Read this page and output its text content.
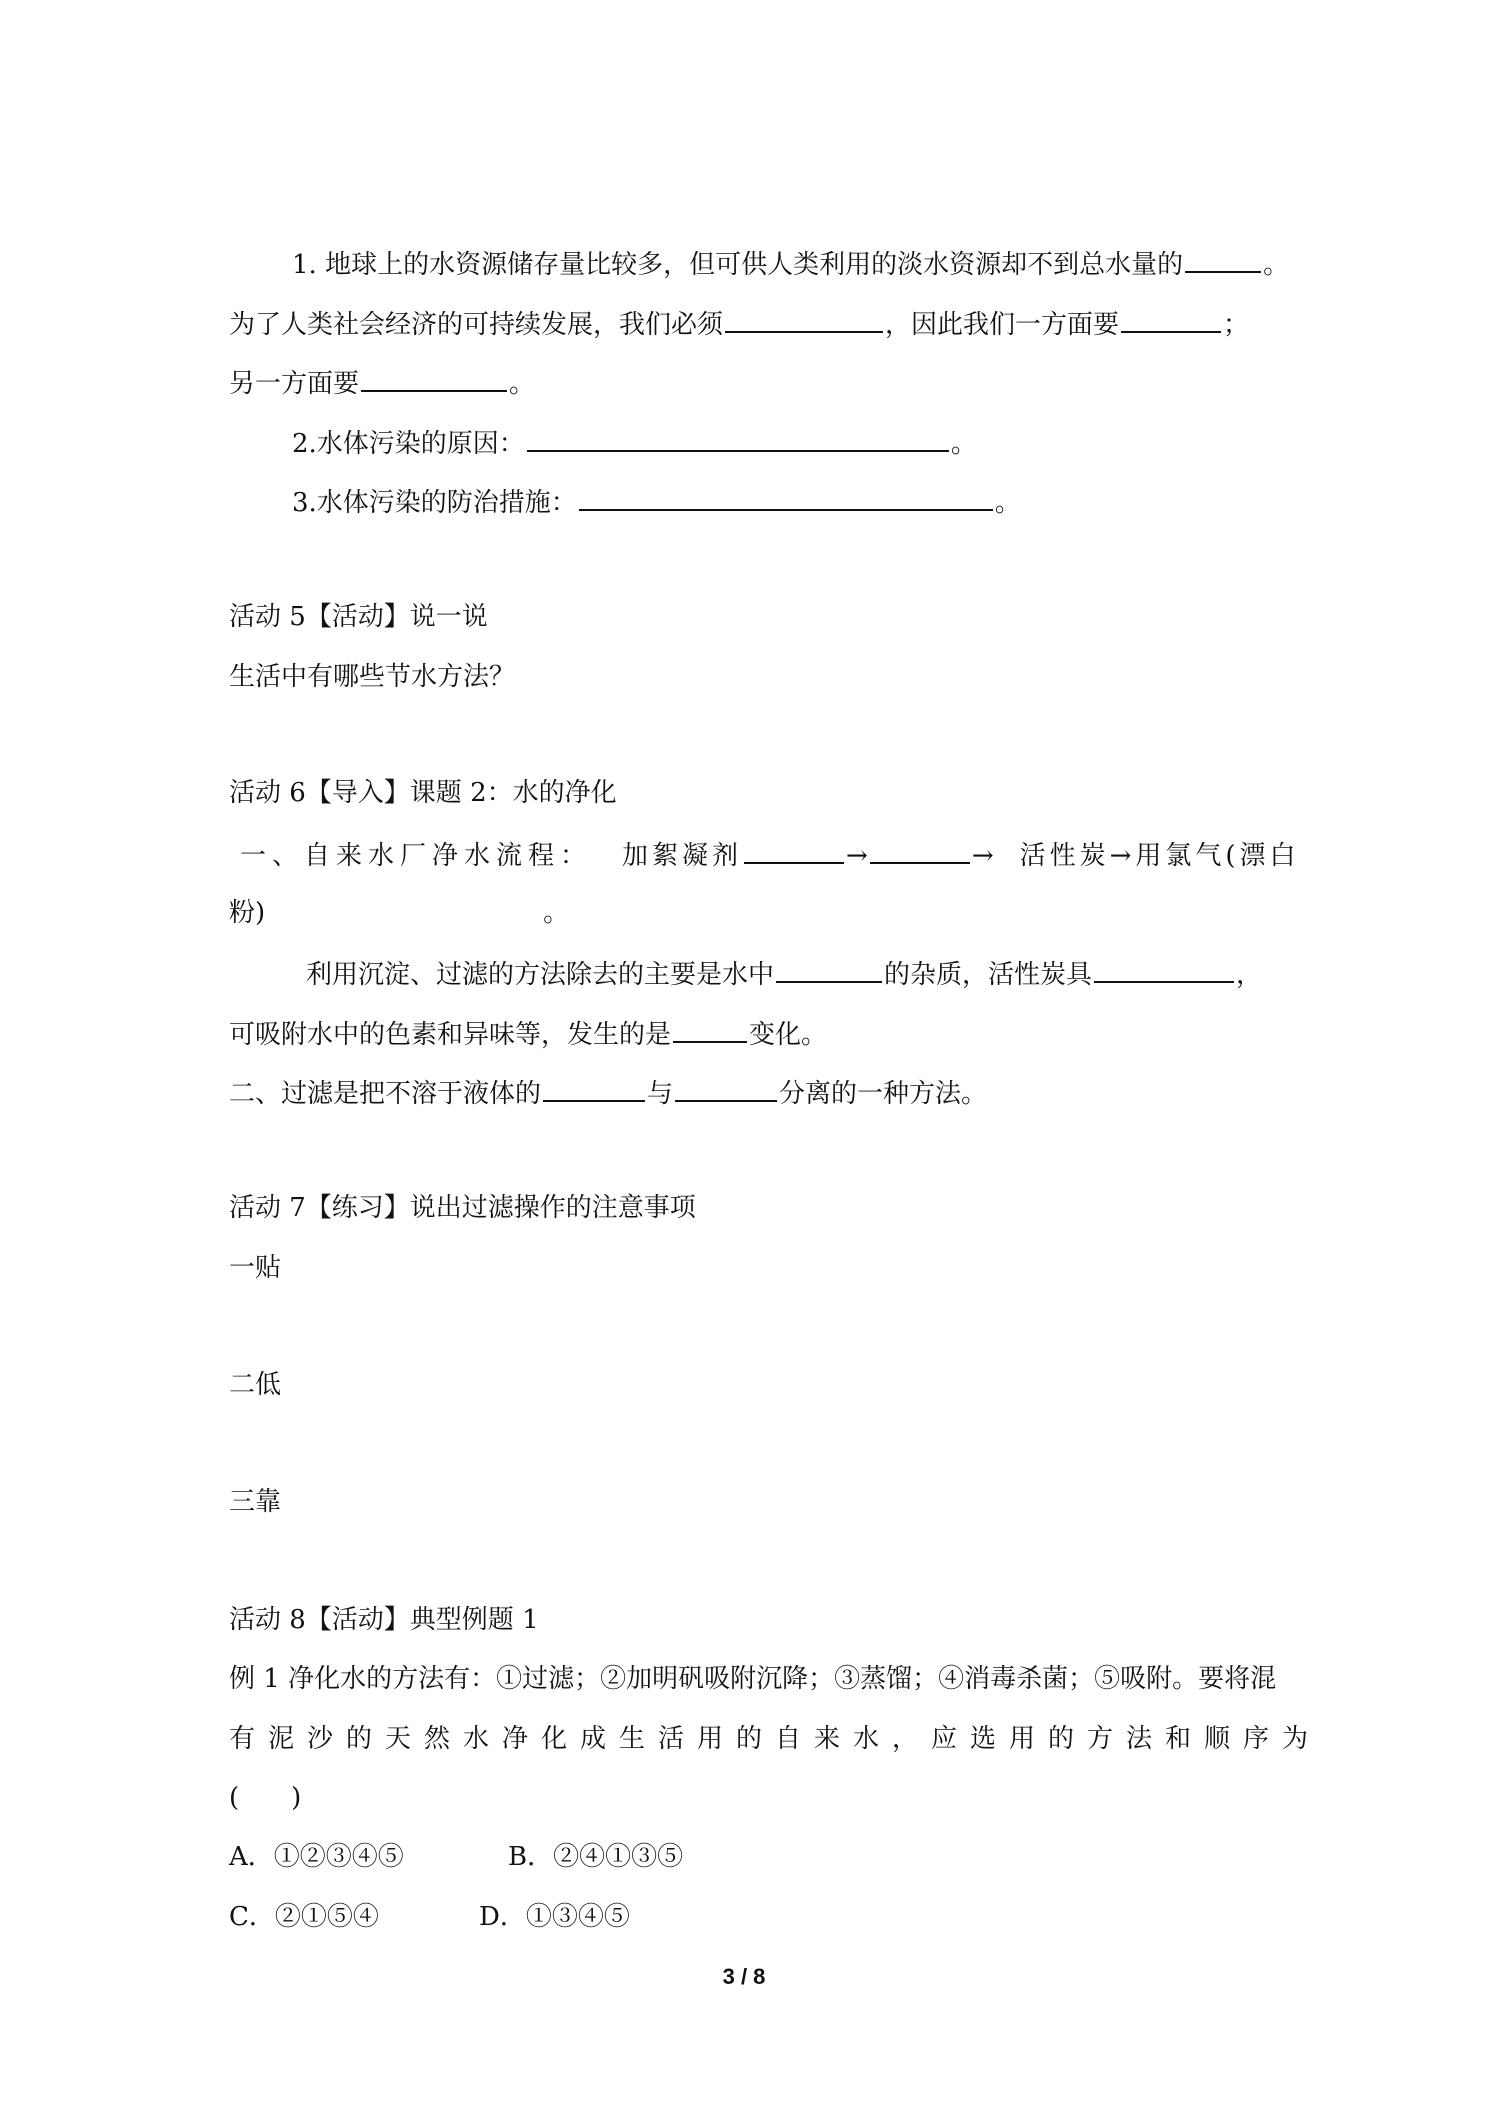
1. 地球上的水资源储存量比较多，但可供人类利用的淡水资源却不到总水量的	。
为了人类社会经济的可持续发展，我们必须	，因此我们一方面要	；
另一方面要	。
2.水体污染的原因：	。
3.水体污染的防治措施：	。
活动 5【活动】说一说
生活中有哪些节水方法？
活动 6【导入】课题 2：水的净化
一、自来水厂净水流程： 加絮凝剂	→	→ 活性炭→用氯气(漂白
粉)	。
利用沉淀、过滤的方法除去的主要是水中	的杂质，活性炭具	，
可吸附水中的色素和异味等，发生的是	变化。
二、过滤是把不溶于液体的	与	分离的一种方法。
活动 7【练习】说出过滤操作的注意事项
一贴
二低
三靠
活动 8【活动】典型例题 1
例 1 净化水的方法有：①过滤；②加明矾吸附沉降；③蒸馏；④消毒杀菌；⑤吸附。要将混
有泥沙的天然水净化成生活用的自来水，应选用的方法和顺序为
(　　)
A．①②③④⑤	B．②④①③⑤
C．②①⑤④	D．①③④⑤
3 / 8
